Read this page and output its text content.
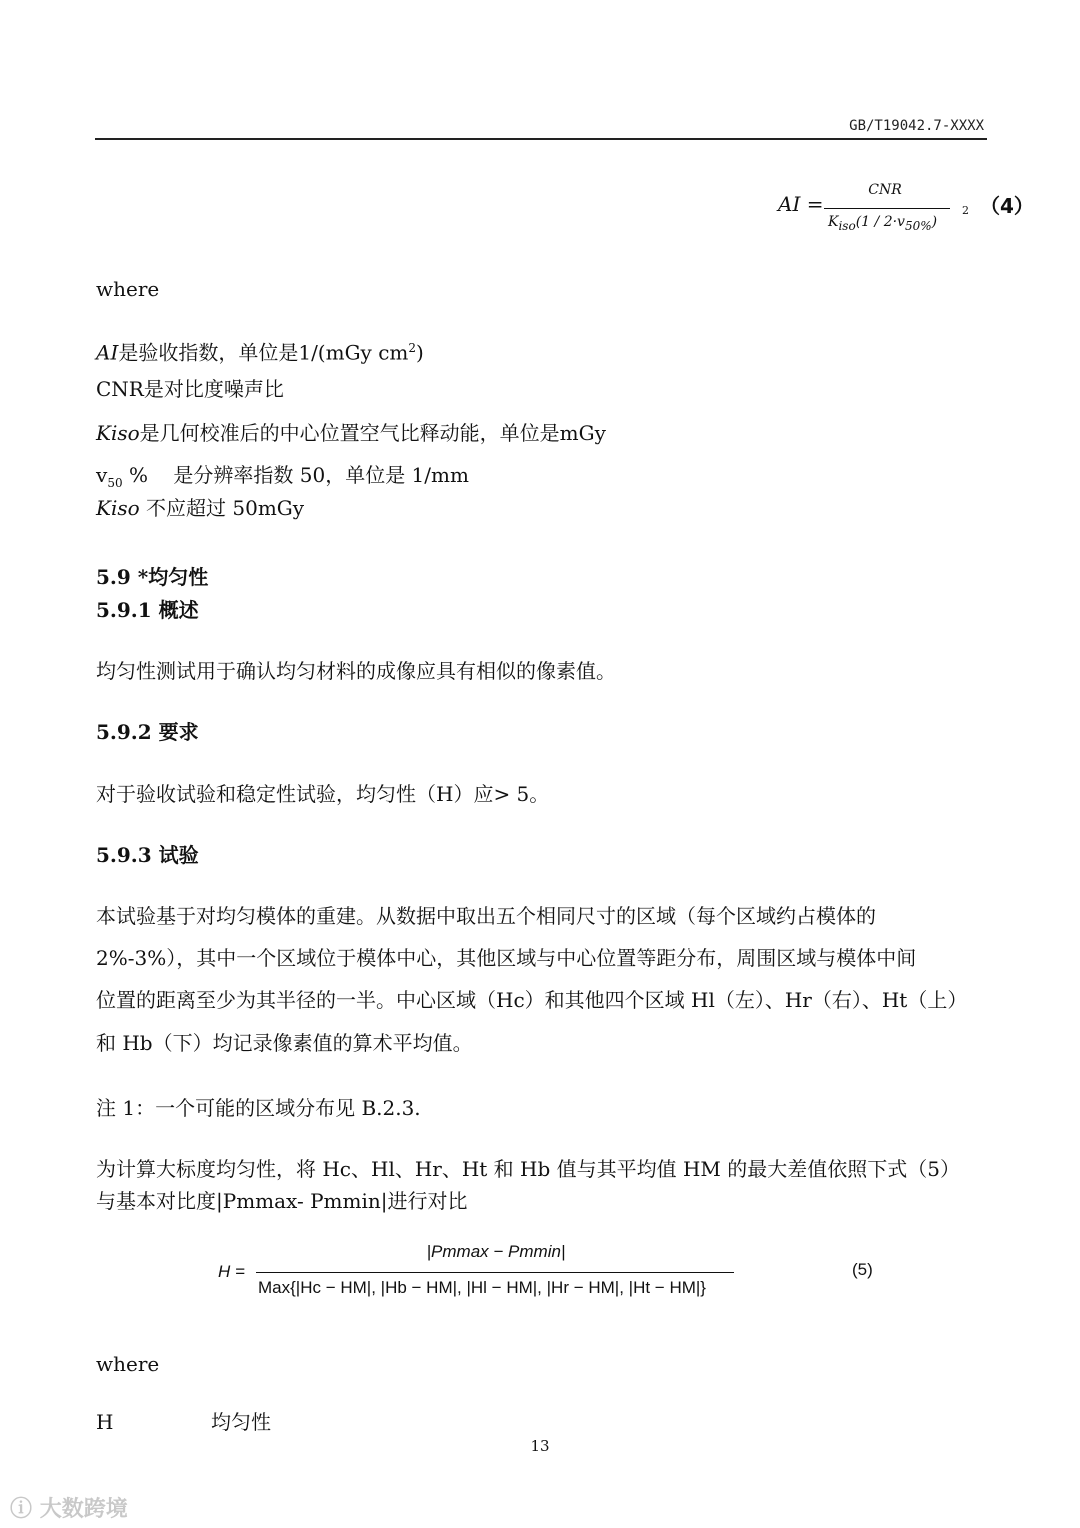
GB/T19042.7-XXXX
AI =
CNR
$K_{iso}(1 / 2\cdot v_{50\%})$
2 （4）
where
AI是验收指数，单位是1/(mGy $cm^2$)
CNR是对比度噪声比
Kiso是几何校准后的中心位置空气比释动能，单位是mGy
$v_{50}$ %    是分辨率指数 50，单位是 1/mm
Kiso 不应超过 50mGy
5.9 *均匀性
5.9.1 概述
均匀性测试用于确认均匀材料的成像应具有相似的像素值。
5.9.2 要求
对于验收试验和稳定性试验，均匀性（H）应> 5。
5.9.3 试验
本试验基于对均匀模体的重建。从数据中取出五个相同尺寸的区域（每个区域约占模体的
2%-3%），其中一个区域位于模体中心，其他区域与中心位置等距分布，周围区域与模体中间
位置的距离至少为其半径的一半。中心区域（Hc）和其他四个区域 Hl（左）、Hr（右）、Ht（上）
和 Hb（下）均记录像素值的算术平均值。
注 1：一个可能的区域分布见 B.2.3.
为计算大标度均匀性，将 Hc、Hl、Hr、Ht 和 Hb 值与其平均值 HM 的最大差值依照下式（5）
与基本对比度|Pmmax- Pmmin|进行对比
H =
|Pmmax − Pmmin|
Max{|Hc − HM|, |Hb − HM|, |Hl − HM|, |Hr − HM|, |Ht − HM|}
(5)
where
H	均匀性
13
ⓘ 大数跨境
